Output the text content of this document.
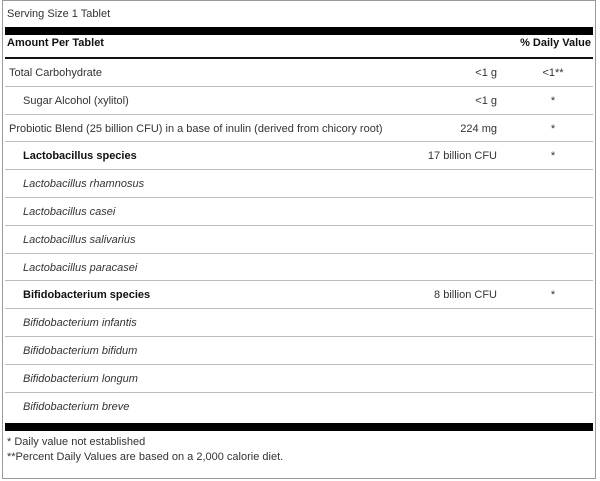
Serving Size 1 Tablet
Amount Per Tablet	% Daily Value
Total Carbohydrate	<1 g	<1**
Sugar Alcohol (xylitol)	<1 g	*
Probiotic Blend (25 billion CFU) in a base of inulin (derived from chicory root)	224 mg	*
Lactobacillus species	17 billion CFU	*
Lactobacillus rhamnosus
Lactobacillus casei
Lactobacillus salivarius
Lactobacillus paracasei
Bifidobacterium species	8 billion CFU	*
Bifidobacterium infantis
Bifidobacterium bifidum
Bifidobacterium longum
Bifidobacterium breve
* Daily value not established
**Percent Daily Values are based on a 2,000 calorie diet.
